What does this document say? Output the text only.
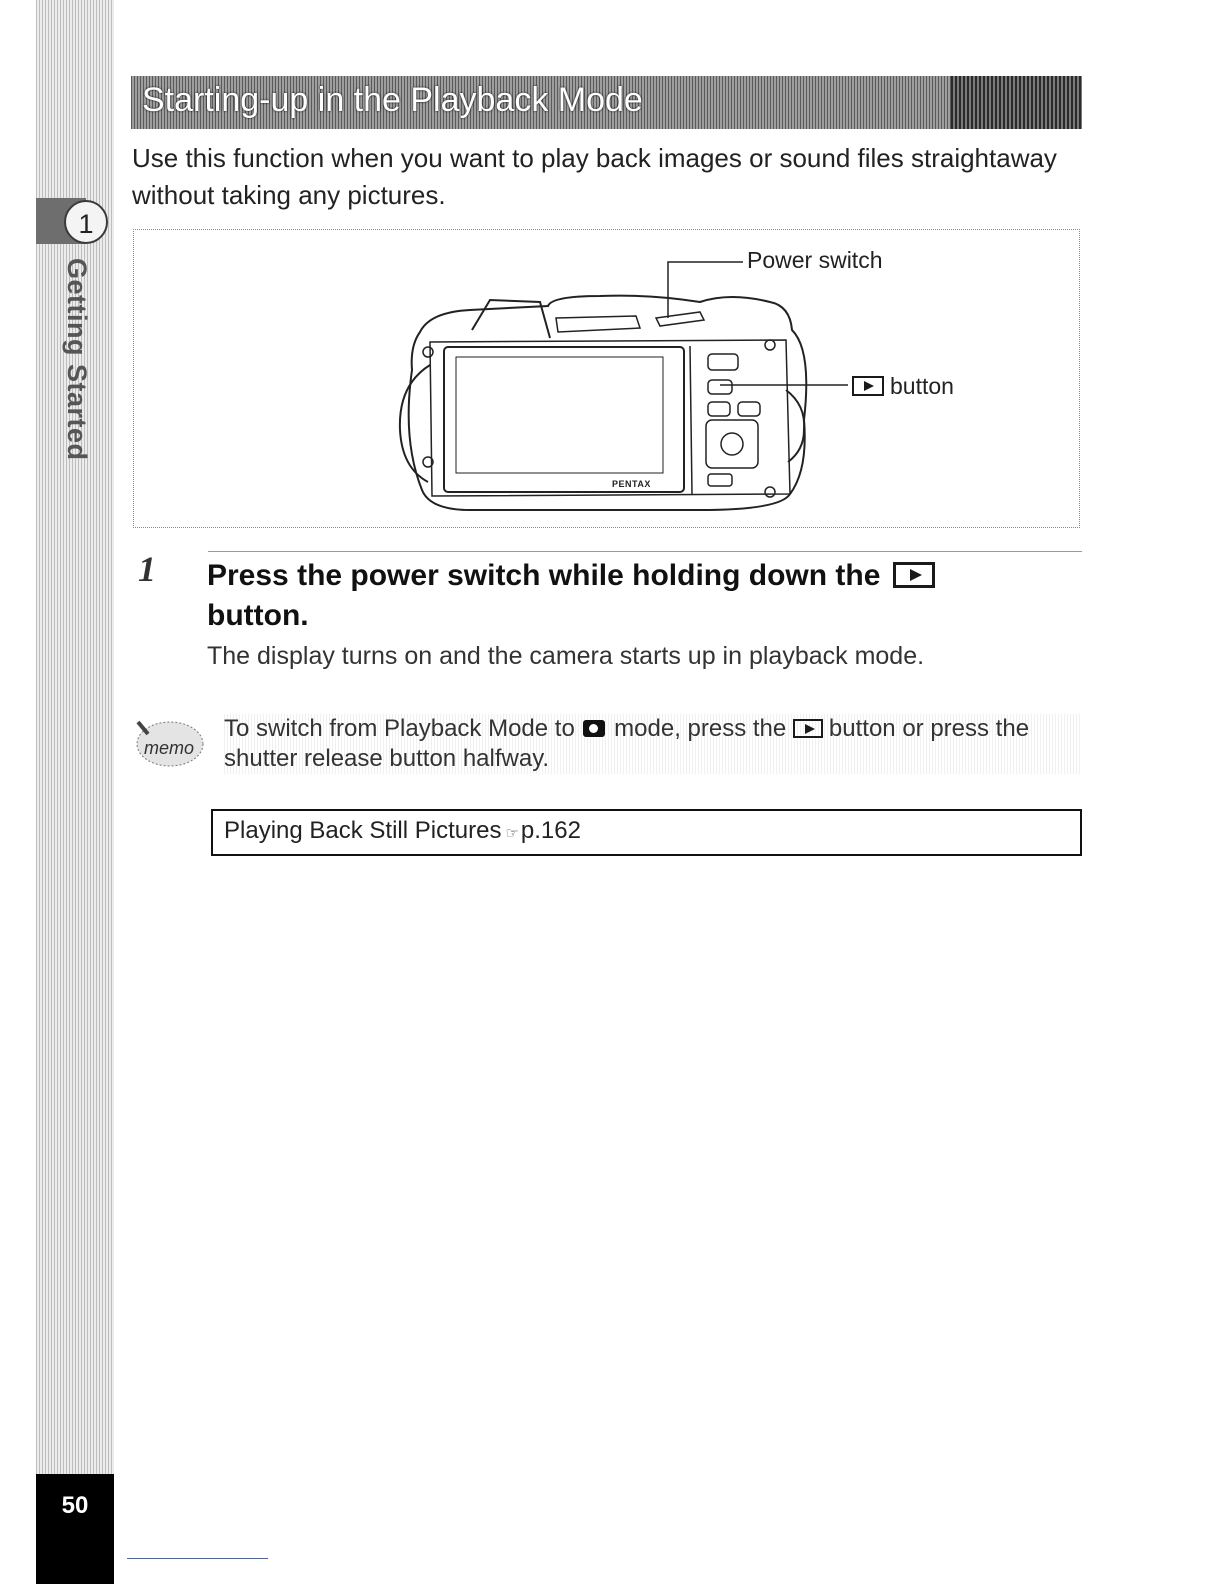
1
Getting Started
50
Starting-up in the Playback Mode
Use this function when you want to play back images or sound files straightaway without taking any pictures.
PENTAX
Power switch
button
1 Press the power switch while holding down the
button.
The display turns on and the camera starts up in playback mode.
memo
To switch from Playback Mode to mode, press the button or press the shutter release button halfway.
Playing Back Still Pictures ☞p.162
